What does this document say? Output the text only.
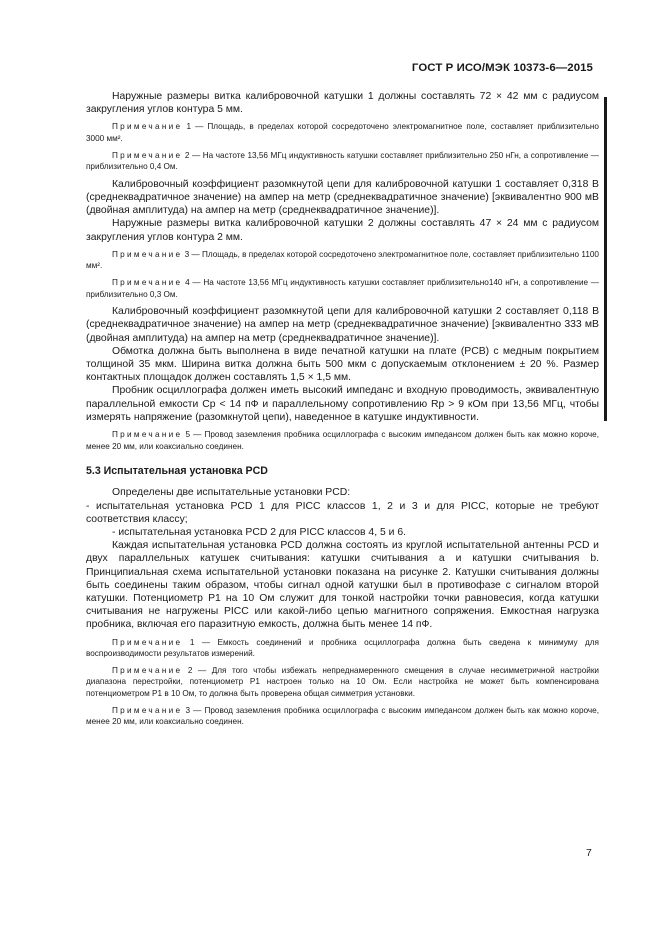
ГОСТ Р ИСО/МЭК 10373-6—2015

Наружные размеры витка калибровочной катушки 1 должны составлять 72 × 42 мм с радиусом закругления углов контура 5 мм.

Примечание 1 — Площадь, в пределах которой сосредоточено электромагнитное поле, составляет приблизительно 3000 мм².

Примечание 2 — На частоте 13,56 МГц индуктивность катушки составляет приблизительно 250 нГн, а сопротивление — приблизительно 0,4 Ом.

Калибровочный коэффициент разомкнутой цепи для калибровочной катушки 1 составляет 0,318 В (среднеквадратичное значение) на ампер на метр (среднеквадратичное значение) [эквивалентно 900 мВ (двойная амплитуда) на ампер на метр (среднеквадратичное значение)].

Наружные размеры витка калибровочной катушки 2 должны составлять 47 × 24 мм с радиусом закругления углов контура 2 мм.

Примечание 3 — Площадь, в пределах которой сосредоточено электромагнитное поле, составляет приблизительно 1100 мм².

Примечание 4 — На частоте 13,56 МГц индуктивность катушки составляет приблизительно140 нГн, а сопротивление — приблизительно 0,3 Ом.

Калибровочный коэффициент разомкнутой цепи для калибровочной катушки 2 составляет 0,118 В (среднеквадратичное значение) на ампер на метр (среднеквадратичное значение) [эквивалентно 333 мВ (двойная амплитуда) на ампер на метр (среднеквадратичное значение)].

Обмотка должна быть выполнена в виде печатной катушки на плате (PCB) с медным покрытием толщиной 35 мкм. Ширина витка должна быть 500 мкм с допускаемым отклонением ± 20 %. Размер контактных площадок должен составлять 1,5 × 1,5 мм.

Пробник осциллографа должен иметь высокий импеданс и входную проводимость, эквивалентную параллельной емкости Cp < 14 пФ и параллельному сопротивлению Rp > 9 кОм при 13,56 МГц, чтобы измерять напряжение (разомкнутой цепи), наведенное в катушке индуктивности.

Примечание 5 — Провод заземления пробника осциллографа с высоким импедансом должен быть как можно короче, менее 20 мм, или коаксиально соединен.

5.3 Испытательная установка PCD

Определены две испытательные установки PCD:

- испытательная установка PCD 1 для PICC классов 1, 2 и 3 и для PICC, которые не требуют соответствия классу;

- испытательная установка PCD 2 для PICC классов 4, 5 и 6.

Каждая испытательная установка PCD должна состоять из круглой испытательной антенны PCD и двух параллельных катушек считывания: катушки считывания a и катушки считывания b. Принципиальная схема испытательной установки показана на рисунке 2. Катушки считывания должны быть соединены таким образом, чтобы сигнал одной катушки был в противофазе с сигналом второй катушки. Потенциометр P1 на 10 Ом служит для тонкой настройки точки равновесия, когда катушки считывания не нагружены PICC или какой-либо цепью магнитного сопряжения. Емкостная нагрузка пробника, включая его паразитную емкость, должна быть менее 14 пФ.

Примечание 1 — Емкость соединений и пробника осциллографа должна быть сведена к минимуму для воспроизводимости результатов измерений.

Примечание 2 — Для того чтобы избежать непреднамеренного смещения в случае несимметричной настройки диапазона перестройки, потенциометр P1 настроен только на 10 Ом. Если настройка не может быть компенсирована потенциометром P1 в 10 Ом, то должна быть проверена общая симметрия установки.

Примечание 3 — Провод заземления пробника осциллографа с высоким импедансом должен быть как можно короче, менее 20 мм, или коаксиально соединен.

7
